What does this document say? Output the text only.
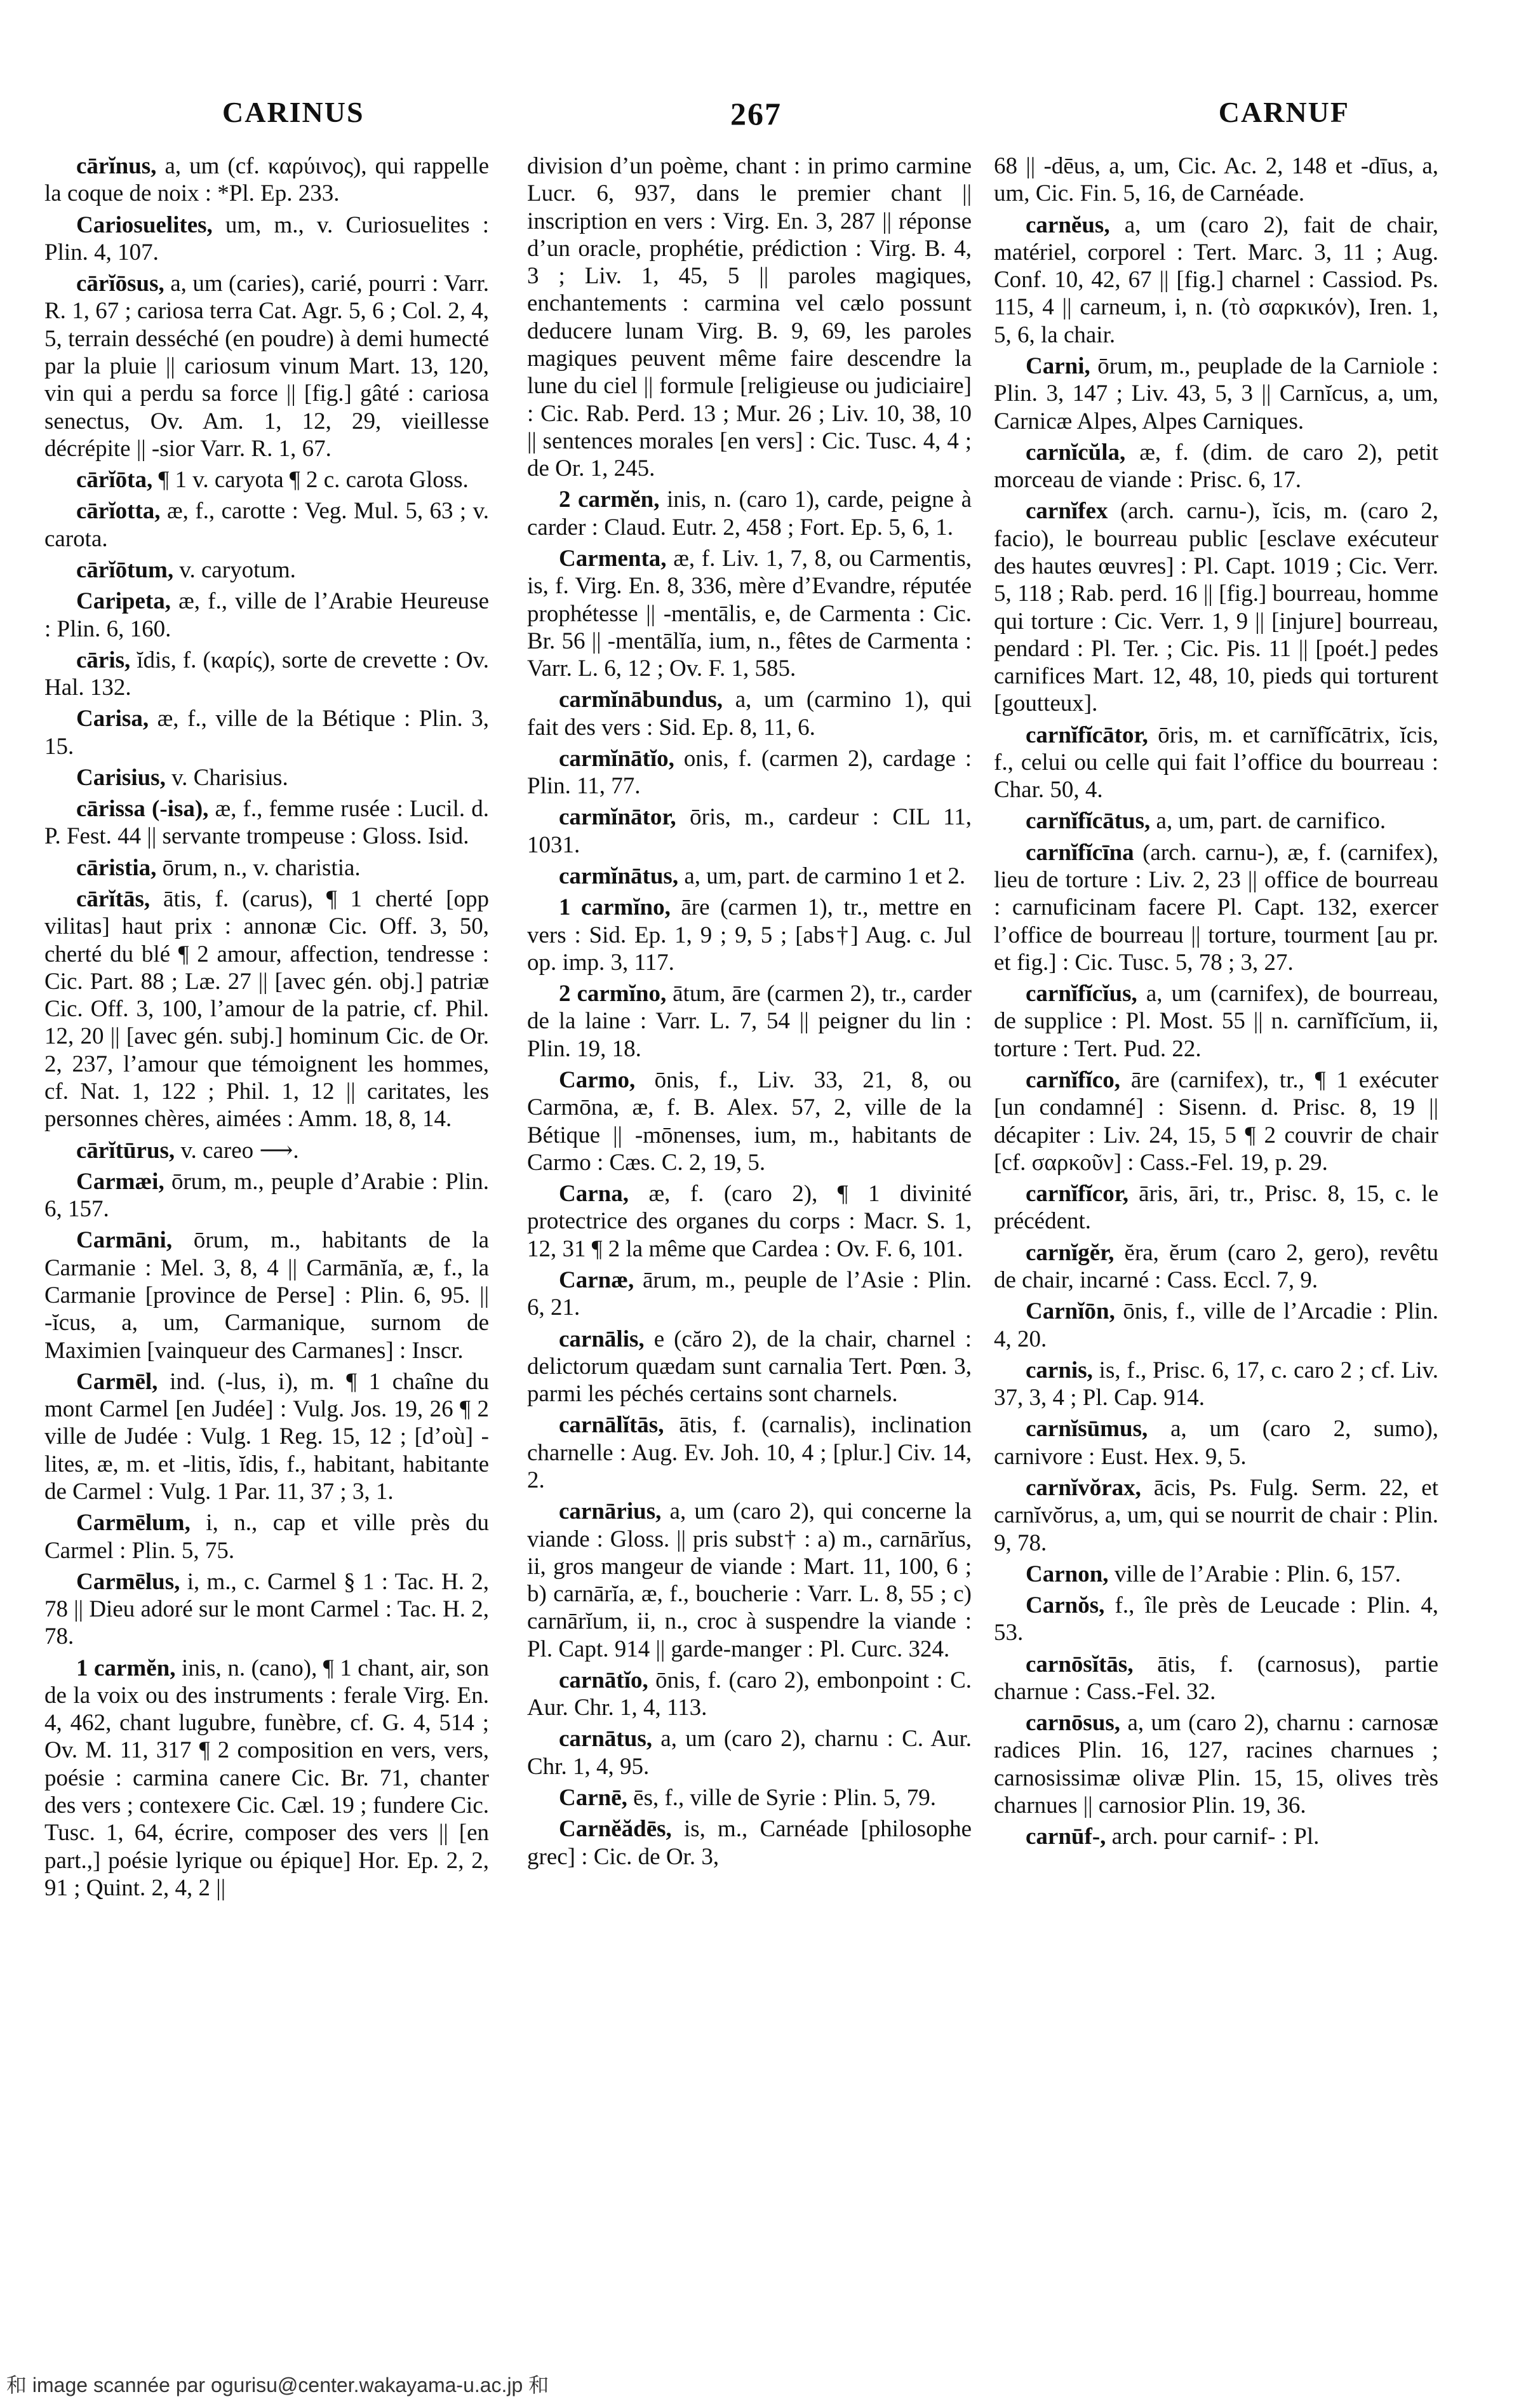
CARINUS	267	CARNUF

cārĭnus, a, um (cf. καρύινος), qui rappelle la coque de noix : *Pl. Ep. 233.

Cariosuelites, um, m., v. Curiosuelites : Plin. 4, 107.

cārĭōsus, a, um (caries), carié, pourri : Varr. R. 1, 67 ; cariosa terra Cat. Agr. 5, 6 ; Col. 2, 4, 5, terrain desséché (en poudre) à demi humecté par la pluie || cariosum vinum Mart. 13, 120, vin qui a perdu sa force || [fig.] gâté : cariosa senectus, Ov. Am. 1, 12, 29, vieillesse décrépite || -sior Varr. R. 1, 67.

cārĭōta, ¶ 1 v. caryota ¶ 2 c. carota Gloss.

cārĭotta, æ, f., carotte : Veg. Mul. 5, 63 ; v. carota.

cārĭōtum, v. caryotum.

Caripeta, æ, f., ville de l’Arabie Heureuse : Plin. 6, 160.

cāris, ĭdis, f. (καρίς), sorte de crevette : Ov. Hal. 132.

Carisa, æ, f., ville de la Bétique : Plin. 3, 15.

Carisius, v. Charisius.

cārissa (-isa), æ, f., femme rusée : Lucil. d. P. Fest. 44 || servante trompeuse : Gloss. Isid.

cāristia, ōrum, n., v. charistia.

cārĭtās, ātis, f. (carus), ¶ 1 cherté [opp vilitas] haut prix : annonæ Cic. Off. 3, 50, cherté du blé ¶ 2 amour, affection, tendresse : Cic. Part. 88 ; Læ. 27 || [avec gén. obj.] patriæ Cic. Off. 3, 100, l’amour de la patrie, cf. Phil. 12, 20 || [avec gén. subj.] hominum Cic. de Or. 2, 237, l’amour que témoignent les hommes, cf. Nat. 1, 122 ; Phil. 1, 12 || caritates, les personnes chères, aimées : Amm. 18, 8, 14.

cārĭtūrus, v. careo ⟶.

Carmæi, ōrum, m., peuple d’Arabie : Plin. 6, 157.

Carmāni, ōrum, m., habitants de la Carmanie : Mel. 3, 8, 4 || Carmānĭa, æ, f., la Carmanie [province de Perse] : Plin. 6, 95. || -ĭcus, a, um, Carmanique, surnom de Maximien [vainqueur des Carmanes] : Inscr.

Carmēl, ind. (-lus, i), m. ¶ 1 chaîne du mont Carmel [en Judée] : Vulg. Jos. 19, 26 ¶ 2 ville de Judée : Vulg. 1 Reg. 15, 12 ; [d’où] -lites, æ, m. et -litis, ĭdis, f., habitant, habitante de Carmel : Vulg. 1 Par. 11, 37 ; 3, 1.

Carmēlum, i, n., cap et ville près du Carmel : Plin. 5, 75.

Carmēlus, i, m., c. Carmel § 1 : Tac. H. 2, 78 || Dieu adoré sur le mont Carmel : Tac. H. 2, 78.

1 carmĕn, inis, n. (cano), ¶ 1 chant, air, son de la voix ou des instruments : ferale Virg. En. 4, 462, chant lugubre, funèbre, cf. G. 4, 514 ; Ov. M. 11, 317 ¶ 2 composition en vers, vers, poésie : carmina canere Cic. Br. 71, chanter des vers ; contexere Cic. Cæl. 19 ; fundere Cic. Tusc. 1, 64, écrire, composer des vers || [en part.,] poésie lyrique ou épique] Hor. Ep. 2, 2, 91 ; Quint. 2, 4, 2 ||

division d’un poème, chant : in primo carmine Lucr. 6, 937, dans le premier chant || inscription en vers : Virg. En. 3, 287 || réponse d’un oracle, prophétie, prédiction : Virg. B. 4, 3 ; Liv. 1, 45, 5 || paroles magiques, enchantements : carmina vel cælo possunt deducere lunam Virg. B. 9, 69, les paroles magiques peuvent même faire descendre la lune du ciel || formule [religieuse ou judiciaire] : Cic. Rab. Perd. 13 ; Mur. 26 ; Liv. 10, 38, 10 || sentences morales [en vers] : Cic. Tusc. 4, 4 ; de Or. 1, 245.

2 carmĕn, inis, n. (caro 1), carde, peigne à carder : Claud. Eutr. 2, 458 ; Fort. Ep. 5, 6, 1.

Carmenta, æ, f. Liv. 1, 7, 8, ou Carmentis, is, f. Virg. En. 8, 336, mère d’Evandre, réputée prophétesse || -mentālis, e, de Carmenta : Cic. Br. 56 || -mentālĭa, ium, n., fêtes de Carmenta : Varr. L. 6, 12 ; Ov. F. 1, 585.

carmĭnābundus, a, um (carmino 1), qui fait des vers : Sid. Ep. 8, 11, 6.

carmĭnātĭo, onis, f. (carmen 2), cardage : Plin. 11, 77.

carmĭnātor, ōris, m., cardeur : CIL 11, 1031.

carmĭnātus, a, um, part. de carmino 1 et 2.

1 carmĭno, āre (carmen 1), tr., mettre en vers : Sid. Ep. 1, 9 ; 9, 5 ; [abs†] Aug. c. Jul op. imp. 3, 117.

2 carmĭno, ātum, āre (carmen 2), tr., carder de la laine : Varr. L. 7, 54 || peigner du lin : Plin. 19, 18.

Carmo, ōnis, f., Liv. 33, 21, 8, ou Carmōna, æ, f. B. Alex. 57, 2, ville de la Bétique || -mōnenses, ium, m., habitants de Carmo : Cæs. C. 2, 19, 5.

Carna, æ, f. (caro 2), ¶ 1 divinité protectrice des organes du corps : Macr. S. 1, 12, 31 ¶ 2 la même que Cardea : Ov. F. 6, 101.

Carnæ, ārum, m., peuple de l’Asie : Plin. 6, 21.

carnālis, e (căro 2), de la chair, charnel : delictorum quædam sunt carnalia Tert. Pœn. 3, parmi les péchés certains sont charnels.

carnālĭtās, ātis, f. (carnalis), inclination charnelle : Aug. Ev. Joh. 10, 4 ; [plur.] Civ. 14, 2.

carnārius, a, um (caro 2), qui concerne la viande : Gloss. || pris subst† : a) m., carnārĭus, ii, gros mangeur de viande : Mart. 11, 100, 6 ; b) carnārĭa, æ, f., boucherie : Varr. L. 8, 55 ; c) carnārĭum, ii, n., croc à suspendre la viande : Pl. Capt. 914 || garde-manger : Pl. Curc. 324.

carnātĭo, ōnis, f. (caro 2), embonpoint : C. Aur. Chr. 1, 4, 113.

carnātus, a, um (caro 2), charnu : C. Aur. Chr. 1, 4, 95.

Carnē, ēs, f., ville de Syrie : Plin. 5, 79.

Carnĕădēs, is, m., Carnéade [philosophe grec] : Cic. de Or. 3,

68 || -dēus, a, um, Cic. Ac. 2, 148 et -dīus, a, um, Cic. Fin. 5, 16, de Carnéade.

carnĕus, a, um (caro 2), fait de chair, matériel, corporel : Tert. Marc. 3, 11 ; Aug. Conf. 10, 42, 67 || [fig.] charnel : Cassiod. Ps. 115, 4 || carneum, i, n. (τὸ σαρκικόν), Iren. 1, 5, 6, la chair.

Carni, ōrum, m., peuplade de la Carniole : Plin. 3, 147 ; Liv. 43, 5, 3 || Carnĭcus, a, um, Carnicæ Alpes, Alpes Carniques.

carnĭcŭla, æ, f. (dim. de caro 2), petit morceau de viande : Prisc. 6, 17.

carnĭfex (arch. carnu-), ĭcis, m. (caro 2, facio), le bourreau public [esclave exécuteur des hautes œuvres] : Pl. Capt. 1019 ; Cic. Verr. 5, 118 ; Rab. perd. 16 || [fig.] bourreau, homme qui torture : Cic. Verr. 1, 9 || [injure] bourreau, pendard : Pl. Ter. ; Cic. Pis. 11 || [poét.] pedes carnifices Mart. 12, 48, 10, pieds qui torturent [goutteux].

carnĭfĭcātor, ōris, m. et carnĭfĭcātrix, ĭcis, f., celui ou celle qui fait l’office du bourreau : Char. 50, 4.

carnĭfĭcātus, a, um, part. de carnifico.

carnĭfĭcīna (arch. carnu-), æ, f. (carnifex), lieu de torture : Liv. 2, 23 || office de bourreau : carnuficinam facere Pl. Capt. 132, exercer l’office de bourreau || torture, tourment [au pr. et fig.] : Cic. Tusc. 5, 78 ; 3, 27.

carnĭfĭcĭus, a, um (carnifex), de bourreau, de supplice : Pl. Most. 55 || n. carnĭfĭcĭum, ii, torture : Tert. Pud. 22.

carnĭfĭco, āre (carnifex), tr., ¶ 1 exécuter [un condamné] : Sisenn. d. Prisc. 8, 19 || décapiter : Liv. 24, 15, 5 ¶ 2 couvrir de chair [cf. σαρκοῦν] : Cass.-Fel. 19, p. 29.

carnĭfĭcor, āris, āri, tr., Prisc. 8, 15, c. le précédent.

carnĭgĕr, ĕra, ĕrum (caro 2, gero), revêtu de chair, incarné : Cass. Eccl. 7, 9.

Carnĭōn, ōnis, f., ville de l’Arcadie : Plin. 4, 20.

carnis, is, f., Prisc. 6, 17, c. caro 2 ; cf. Liv. 37, 3, 4 ; Pl. Cap. 914.

carnĭsūmus, a, um (caro 2, sumo), carnivore : Eust. Hex. 9, 5.

carnĭvŏrax, ācis, Ps. Fulg. Serm. 22, et carnĭvŏrus, a, um, qui se nourrit de chair : Plin. 9, 78.

Carnon, ville de l’Arabie : Plin. 6, 157.

Carnŏs, f., île près de Leucade : Plin. 4, 53.

carnōsĭtās, ātis, f. (carnosus), partie charnue : Cass.-Fel. 32.

carnōsus, a, um (caro 2), charnu : carnosæ radices Plin. 16, 127, racines charnues ; carnosissimæ olivæ Plin. 15, 15, olives très charnues || carnosior Plin. 19, 36.

carnūf-, arch. pour carnif- : Pl.

和 image scannée par ogurisu@center.wakayama-u.ac.jp 和
